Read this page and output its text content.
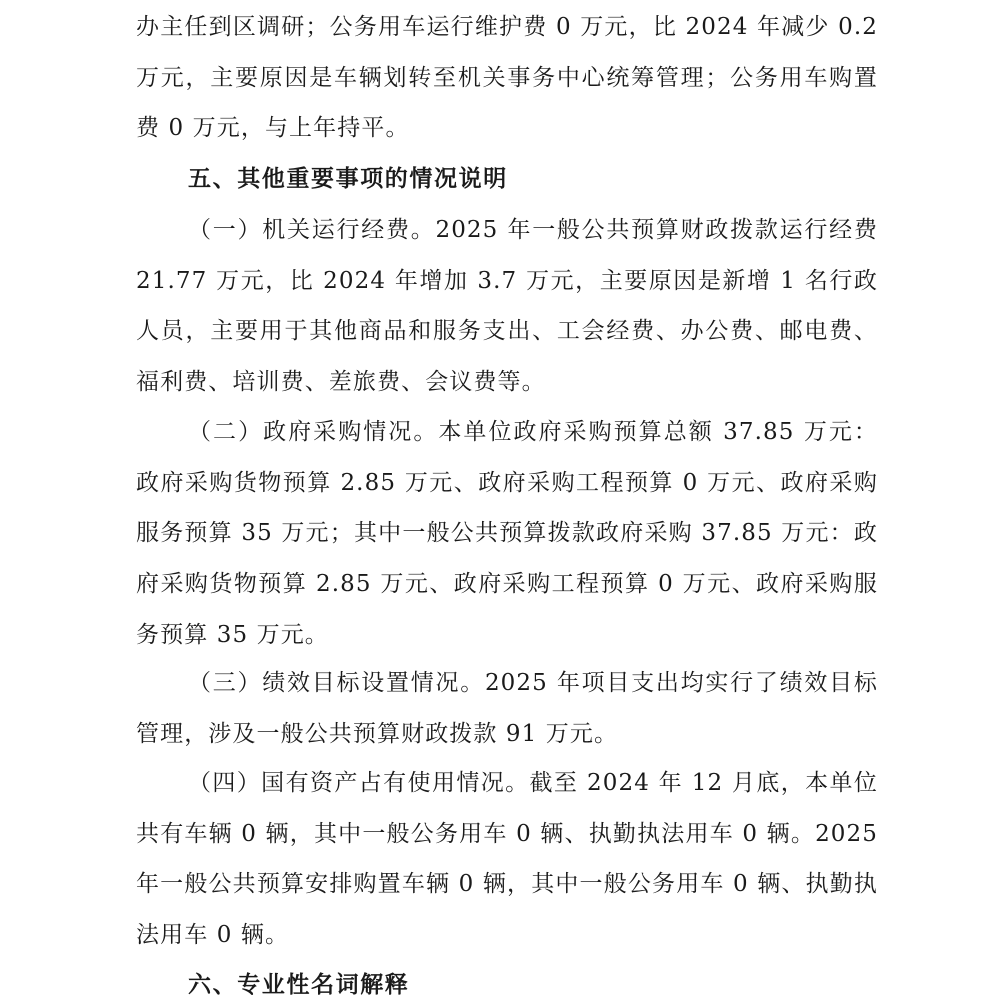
办主任到区调研；公务用车运行维护费 0 万元，比 2024 年减少 0.2 万元，主要原因是车辆划转至机关事务中心统筹管理；公务用车购置费 0 万元，与上年持平。

五、其他重要事项的情况说明

（一）机关运行经费。2025 年一般公共预算财政拨款运行经费 21.77 万元，比 2024 年增加 3.7 万元，主要原因是新增 1 名行政人员，主要用于其他商品和服务支出、工会经费、办公费、邮电费、福利费、培训费、差旅费、会议费等。

（二）政府采购情况。本单位政府采购预算总额 37.85 万元：政府采购货物预算 2.85 万元、政府采购工程预算 0 万元、政府采购服务预算 35 万元；其中一般公共预算拨款政府采购 37.85 万元：政府采购货物预算 2.85 万元、政府采购工程预算 0 万元、政府采购服务预算 35 万元。

（三）绩效目标设置情况。2025 年项目支出均实行了绩效目标管理，涉及一般公共预算财政拨款 91 万元。

（四）国有资产占有使用情况。截至 2024 年 12 月底，本单位共有车辆 0 辆，其中一般公务用车 0 辆、执勤执法用车 0 辆。2025 年一般公共预算安排购置车辆 0 辆，其中一般公务用车 0 辆、执勤执法用车 0 辆。

六、专业性名词解释
